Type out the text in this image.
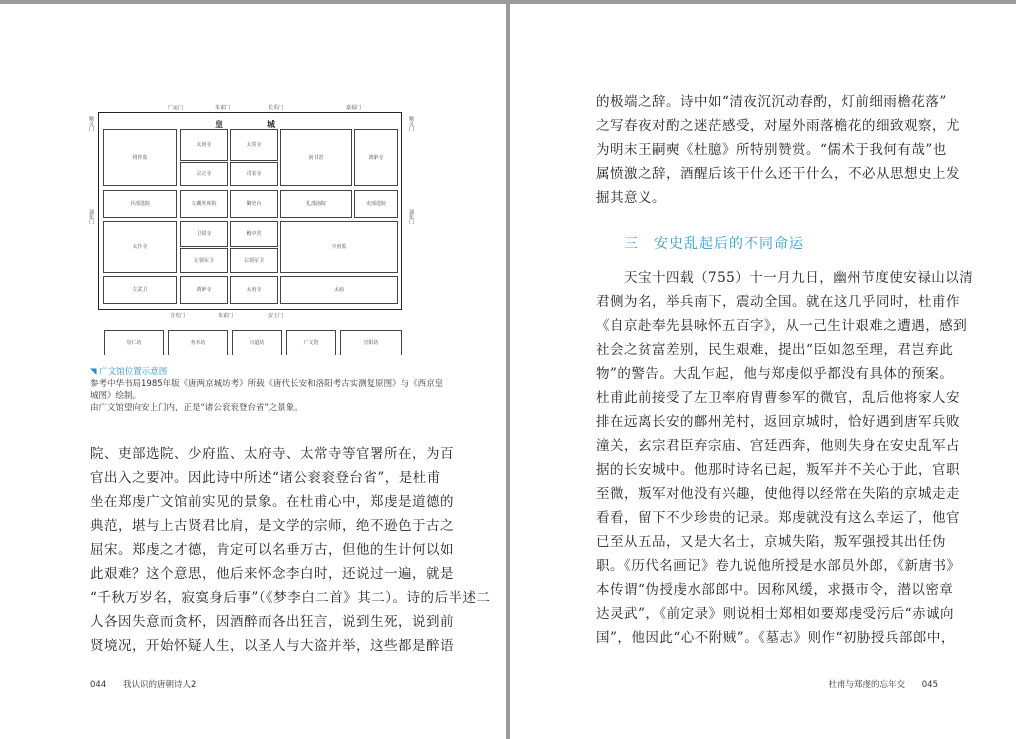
广运门	朱雀门	长乐门	嘉福门
顺义门
通化门
顺义门
通化门
皇　城
将作监
太府寺
宗正寺
太常寺
司农寺
尚书省	鸿胪寺
兵部选院	左藏外库院	御史台	礼部南院	吏部选院
太仆寺
卫尉寺	殿中省
左领军卫	右领军卫
少府监
左武卫	鸿胪寺	太府寺	太庙
含光门	朱雀门	安上门
崇仁坊	务本坊	兴道坊	广文馆	宣阳坊
◥ 广文馆位置示意图
参考中华书局1985年版《唐两京城坊考》所载《唐代长安和洛阳考古实测复原图》与《西京皇
城图》绘制。
由广文馆望向安上门内，正是“诸公衮衮登台省”之景象。
院、吏部选院、少府监、太府寺、太常寺等官署所在，为百
官出入之要冲。因此诗中所述“诸公衮衮登台省”，是杜甫
坐在郑虔广文馆前实见的景象。在杜甫心中，郑虔是道德的
典范，堪与上古贤君比肩，是文学的宗师，绝不逊色于古之
屈宋。郑虔之才德，肯定可以名垂万古，但他的生计何以如
此艰难？这个意思，他后来怀念李白时，还说过一遍，就是
“千秋万岁名，寂寞身后事”（《梦李白二首》其二）。诗的后半述二
人各因失意而贪杯，因酒醉而各出狂言，说到生死，说到前
贤境况，开始怀疑人生，以圣人与大盗并举，这些都是醉语
044 我认识的唐朝诗人2
的极端之辞。诗中如“清夜沉沉动春酌，灯前细雨檐花落”
之写春夜对酌之迷茫感受，对屋外雨落檐花的细致观察，尤
为明末王嗣奭《杜臆》所特别赞赏。“儒术于我何有哉”也
属愤激之辞，酒醒后该干什么还干什么，不必从思想史上发
掘其意义。
三　安史乱起后的不同命运
　　天宝十四载（755）十一月九日，幽州节度使安禄山以清
君侧为名，举兵南下，震动全国。就在这几乎同时，杜甫作
《自京赴奉先县咏怀五百字》，从一己生计艰难之遭遇，感到
社会之贫富差别，民生艰难，提出“臣如忽至理，君岂弃此
物”的警告。大乱乍起，他与郑虔似乎都没有具体的预案。
杜甫此前接受了左卫率府胄曹参军的微官，乱后他将家人安
排在远离长安的鄜州羌村，返回京城时，恰好遇到唐军兵败
潼关，玄宗君臣弃宗庙、宫廷西奔，他则失身在安史乱军占
据的长安城中。他那时诗名已起，叛军并不关心于此，官职
至微，叛军对他没有兴趣，使他得以经常在失陷的京城走走
看看，留下不少珍贵的记录。郑虔就没有这么幸运了，他官
已至从五品，又是大名士，京城失陷，叛军强授其出任伪
职。《历代名画记》卷九说他所授是水部员外郎，《新唐书》
本传谓“伪授虔水部郎中。因称风缓，求摄市令，潜以密章
达灵武”，《前定录》则说相士郑相如要郑虔受污后“赤诚向
国”，他因此“心不附贼”。《墓志》则作“初胁授兵部郎中，
杜甫与郑虔的忘年交 045
